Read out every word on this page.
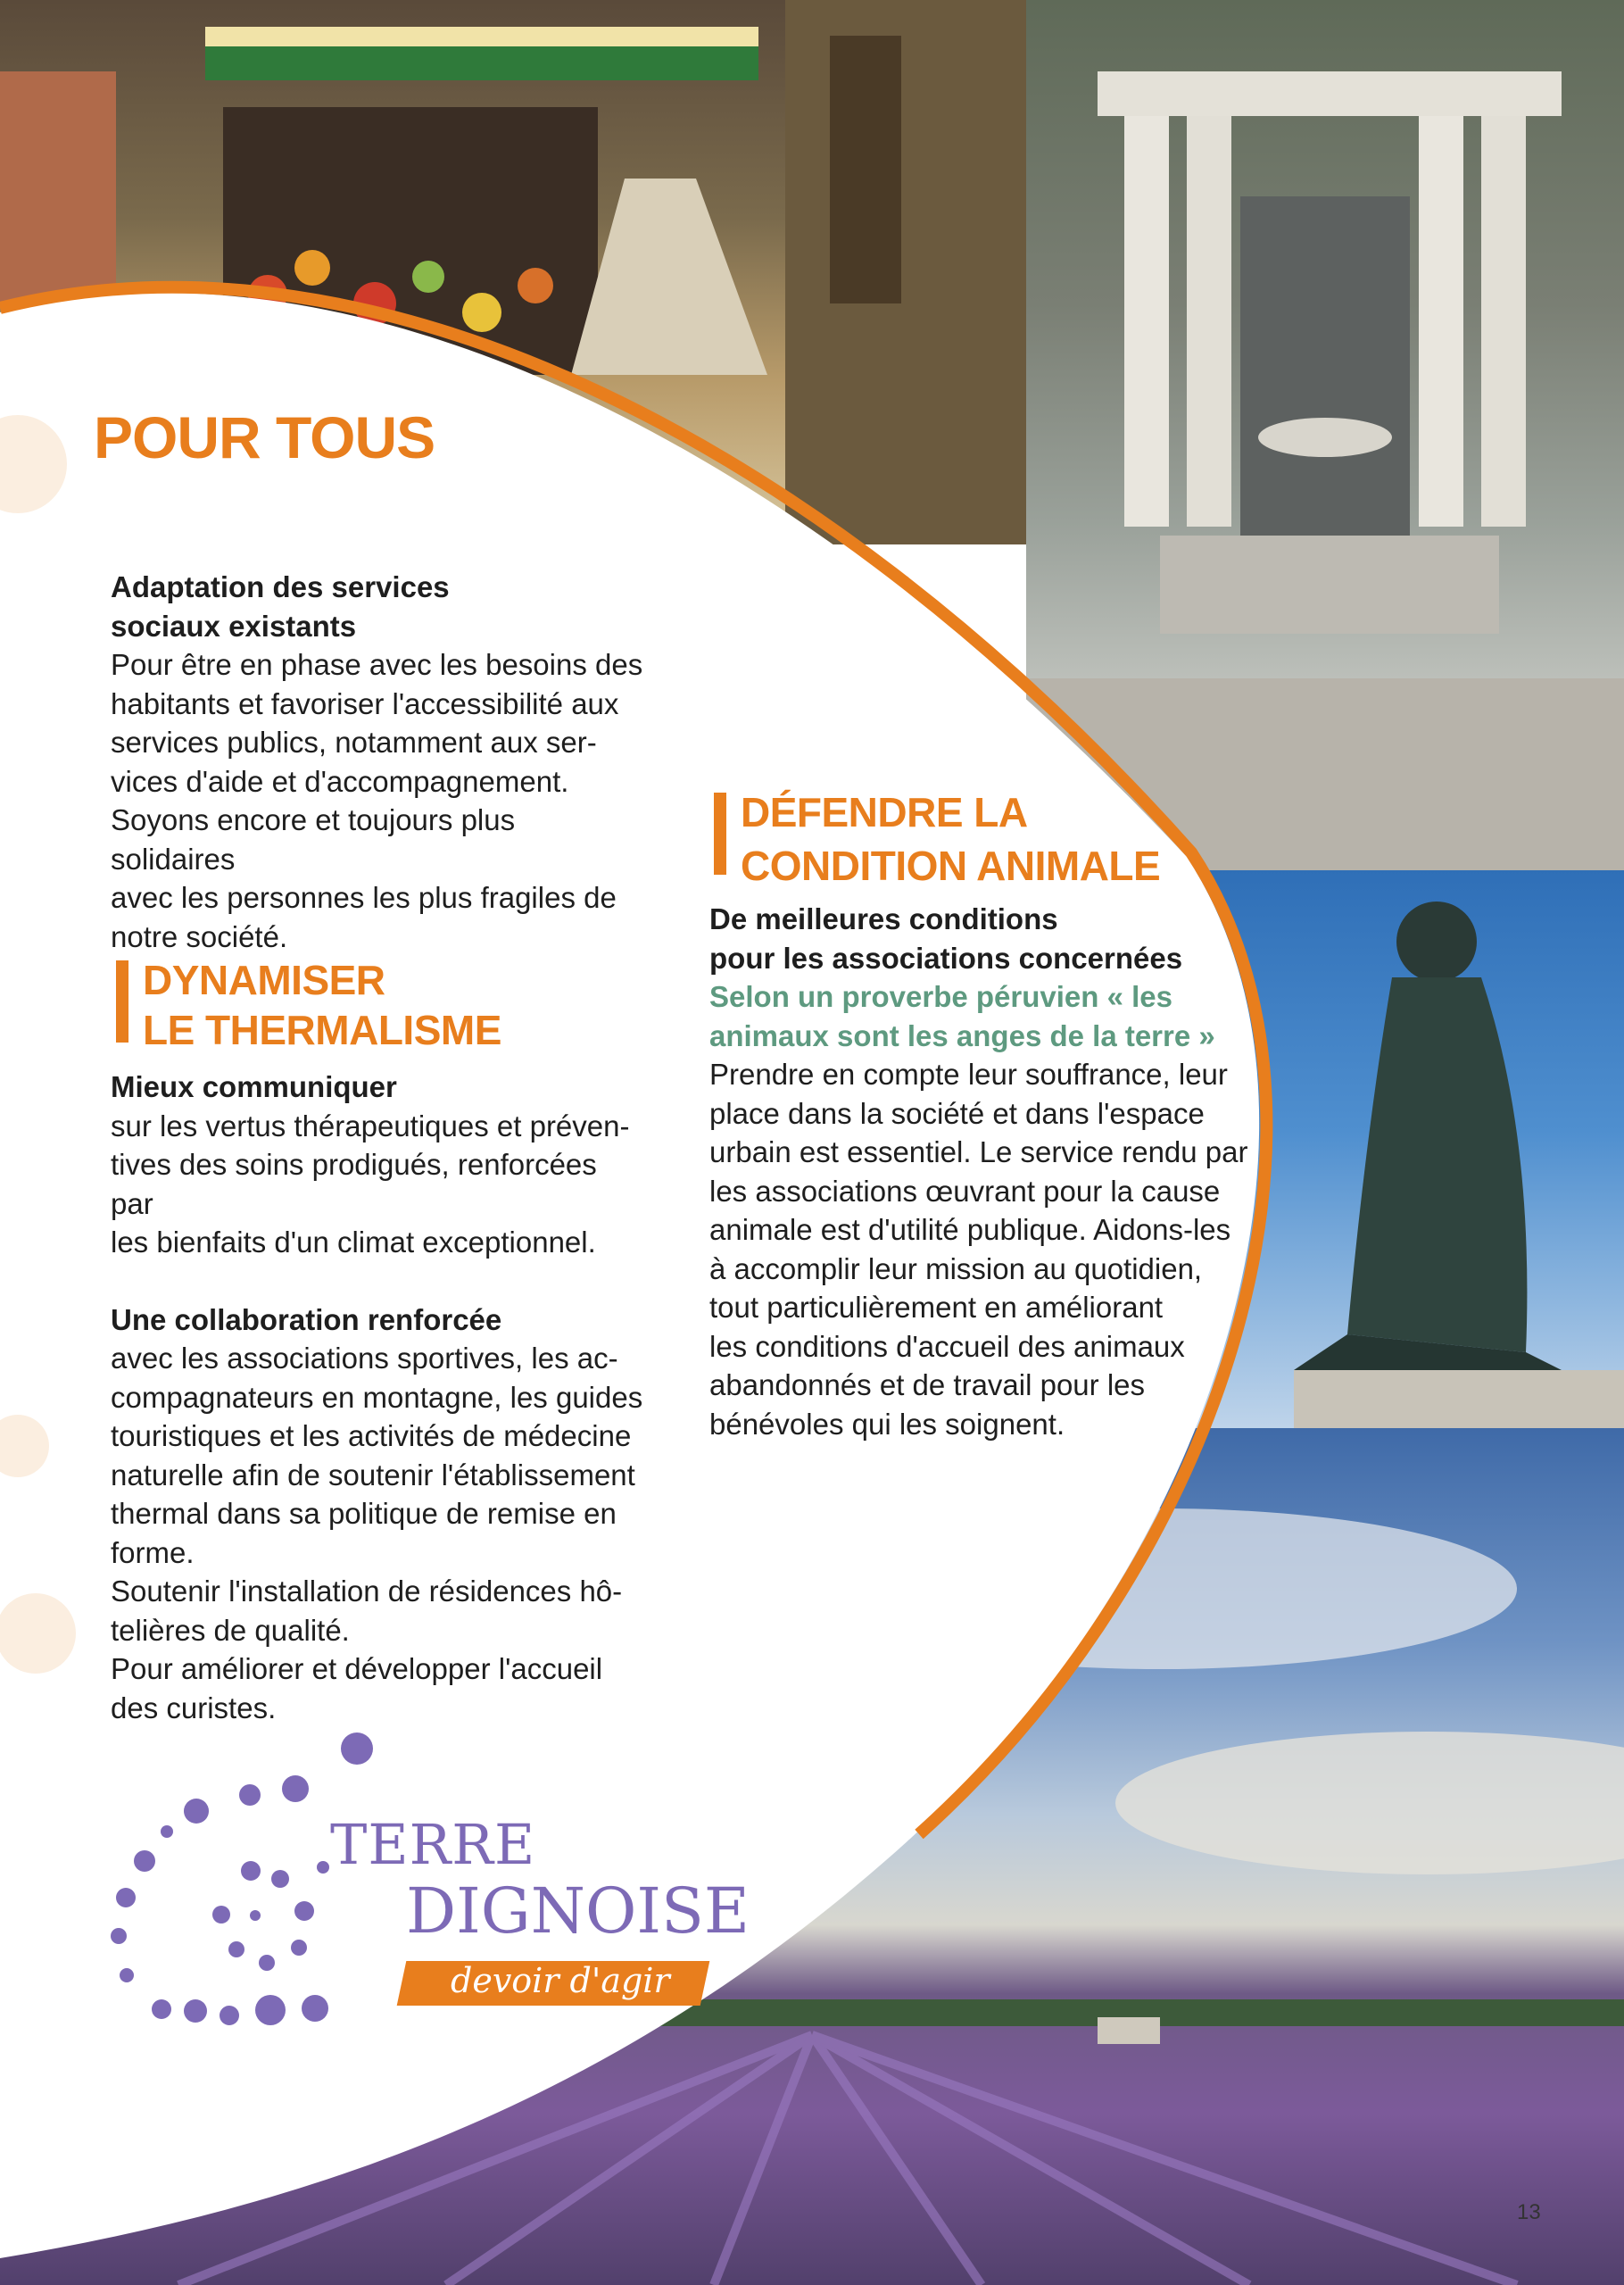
POUR TOUS

Adaptation des services

sociaux existants

Pour être en phase avec les besoins des

habitants et favoriser l'accessibilité aux

services publics, notamment aux ser-

vices d'aide et d'accompagnement.

Soyons encore et toujours plus solidaires

avec les personnes les plus fragiles de

notre société.

DYNAMISER
LE THERMALISME

Mieux communiquer

sur les vertus thérapeutiques et préven-

tives des soins prodigués, renforcées par

les bienfaits d'un climat exceptionnel.

Une collaboration renforcée

avec les associations sportives, les ac-

compagnateurs en montagne, les guides

touristiques et les activités de médecine

naturelle afin de soutenir l'établissement

thermal dans sa politique de remise en

forme.

Soutenir l'installation de résidences hô-

telières de qualité.

Pour améliorer et développer l'accueil

des curistes.

DÉFENDRE LA
CONDITION ANIMALE

De meilleures conditions

pour les associations concernées

Selon un proverbe péruvien « les

animaux sont les anges de la terre »

Prendre en compte leur souffrance, leur

place dans la société et dans l'espace

urbain est essentiel. Le service rendu par

les associations œuvrant pour la cause

animale est d'utilité publique. Aidons-les

à accomplir leur mission au quotidien,

tout particulièrement en améliorant

les conditions d'accueil des animaux

abandonnés et de travail pour les

bénévoles qui les soignent.

TERRE
DIGNOISE
devoir d'agir
13
